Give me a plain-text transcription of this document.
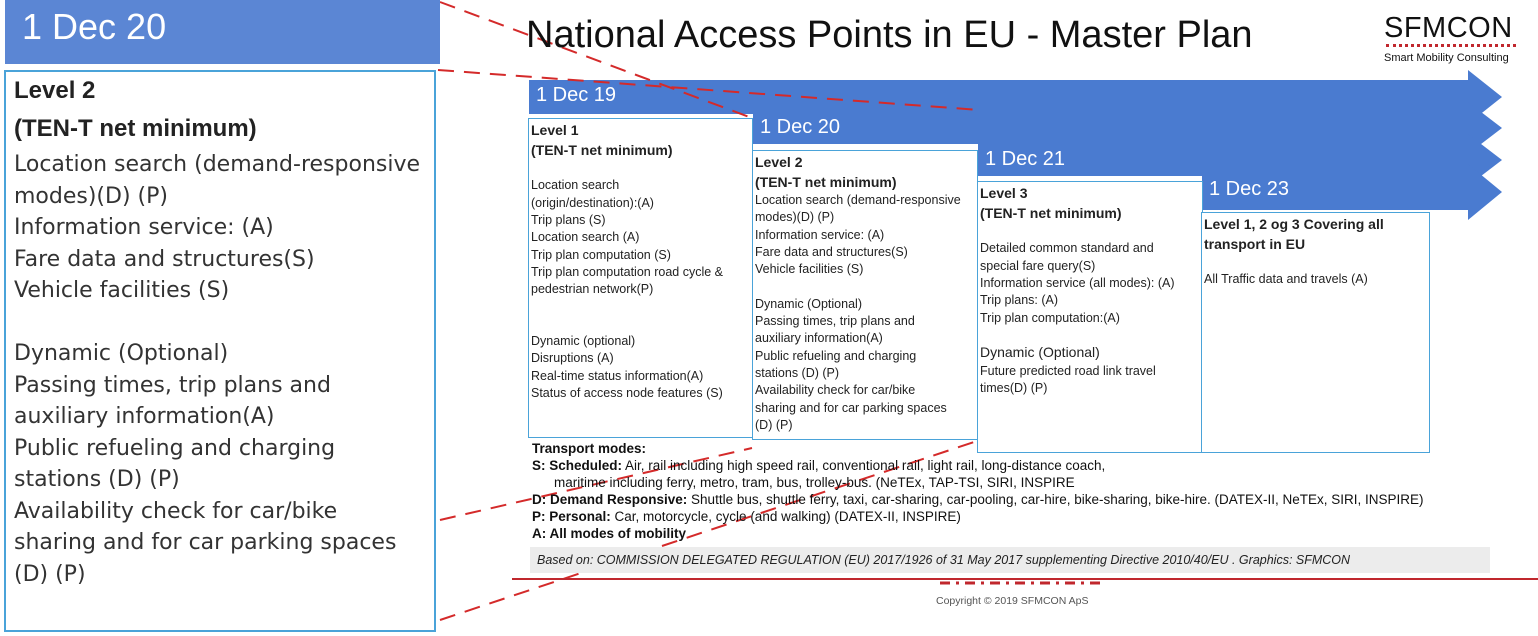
1 Dec 20
Level 2
(TEN-T net minimum)
Location search (demand-responsive
modes)(D) (P)
Information service: (A)
Fare data and structures(S)
Vehicle facilities (S)
Dynamic (Optional)
Passing times, trip plans and
auxiliary information(A)
Public refueling and charging
stations (D) (P)
Availability check for car/bike
sharing and for car parking spaces
(D) (P)
National Access Points in EU - Master Plan	SFMCON
Smart Mobility Consulting
1 Dec 19
Level 1
(TEN-T net minimum)
Location search
(origin/destination):(A)
Trip plans (S)
Location search (A)
Trip plan computation (S)
Trip plan computation road cycle &
pedestrian network(P)
Dynamic (optional)
Disruptions (A)
Real-time status information(A)
Status of access node features (S)
1 Dec 20
Level 2
(TEN-T net minimum)
Location search (demand-responsive
modes)(D) (P)
Information service: (A)
Fare data and structures(S)
Vehicle facilities (S)
Dynamic (Optional)
Passing times, trip plans and
auxiliary information(A)
Public refueling and charging
stations (D) (P)
Availability check for car/bike
sharing and for car parking spaces
(D) (P)
1 Dec 21
Level 3
(TEN-T net minimum)
Detailed common standard and
special fare query(S)
Information service (all modes): (A)
Trip plans: (A)
Trip plan computation:(A)
Dynamic (Optional)
Future predicted road link travel
times(D) (P)
1 Dec 23
Level 1, 2 og 3 Covering all
transport in EU
All Traffic data and travels (A)
Transport modes:
S: Scheduled: Air, rail including high speed rail, conventional rail, light rail, long-distance coach,
maritime including ferry, metro, tram, bus, trolley-bus. (NeTEx, TAP-TSI, SIRI, INSPIRE
D: Demand Responsive: Shuttle bus, shuttle ferry, taxi, car-sharing, car-pooling, car-hire, bike-sharing, bike-hire. (DATEX-II, NeTEx, SIRI, INSPIRE)
P: Personal: Car, motorcycle, cycle (and walking) (DATEX-II, INSPIRE)
A: All modes of mobility
Based on: COMMISSION DELEGATED REGULATION (EU) 2017/1926 of 31 May 2017 supplementing Directive 2010/40/EU . Graphics: SFMCON
Copyright © 2019 SFMCON ApS
